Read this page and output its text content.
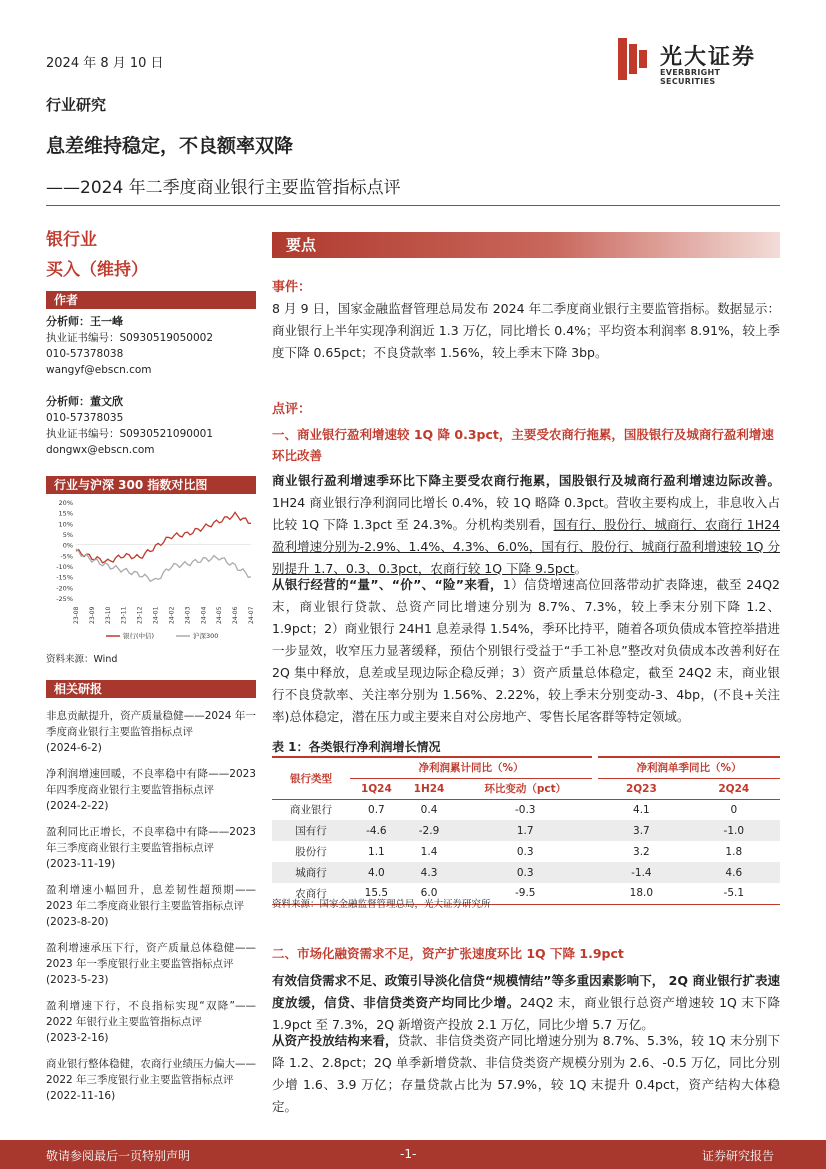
2024 年 8 月 10 日	光大证券
EVERBRIGHT SECURITIES
行业研究
息差维持稳定，不良额率双降
——2024 年二季度商业银行主要监管指标点评
银行业
买入（维持）
作者
分析师：王一峰
执业证书编号：S0930519050002
010-57378038
wangyf@ebscn.com
分析师：董文欣
010-57378035
执业证书编号：S0930521090001
dongwx@ebscn.com
行业与沪深 300 指数对比图
20%
15%
10%
5%
0%
-5%
-10%
-15%
-20%
-25%
23-08 23-09 23-10 23-11 23-12 24-01 24-02 24-03 24-04 24-05 24-06 24-07
银行(中信)	沪深300
资料来源：Wind
相关研报
非息贡献提升，资产质量稳健——2024 年一季度商业银行主要监管指标点评
(2024-6-2)
净利润增速回暖，不良率稳中有降——2023 年四季度商业银行主要监管指标点评
(2024-2-22)
盈利同比正增长，不良率稳中有降——2023 年三季度商业银行主要监管指标点评
(2023-11-19)
盈利增速小幅回升，息差韧性超预期——2023 年二季度商业银行主要监管指标点评
(2023-8-20)
盈利增速承压下行，资产质量总体稳健——2023 年一季度银行业主要监管指标点评
(2023-5-23)
盈利增速下行，不良指标实现“双降”——2022 年银行业主要监管指标点评
(2023-2-16)
商业银行整体稳健，农商行业绩压力偏大——2022 年三季度银行业主要监管指标点评
(2022-11-16)
要点
事件：
8 月 9 日，国家金融监督管理总局发布 2024 年二季度商业银行主要监管指标。数据显示：商业银行上半年实现净利润近 1.3 万亿，同比增长 0.4%；平均资本利润率 8.91%，较上季度下降 0.65pct；不良贷款率 1.56%，较上季末下降 3bp。
点评：
一、商业银行盈利增速较 1Q 降 0.3pct，主要受农商行拖累，国股银行及城商行盈利增速环比改善
商业银行盈利增速季环比下降主要受农商行拖累，国股银行及城商行盈利增速边际改善。1H24 商业银行净利润同比增长 0.4%，较 1Q 略降 0.3pct。营收主要构成上，非息收入占比较 1Q 下降 1.3pct 至 24.3%。分机构类别看，国有行、股份行、城商行、农商行 1H24 盈利增速分别为-2.9%、1.4%、4.3%、6.0%，国有行、股份行、城商行盈利增速较 1Q 分别提升 1.7、0.3、0.3pct，农商行较 1Q 下降 9.5pct。
从银行经营的“量”、“价”、“险”来看，1）信贷增速高位回落带动扩表降速，截至 24Q2 末，商业银行贷款、总资产同比增速分别为 8.7%、7.3%，较上季末分别下降 1.2、1.9pct；2）商业银行 24H1 息差录得 1.54%，季环比持平，随着各项负债成本管控举措进一步显效，收窄压力显著缓释，预估个别银行受益于“手工补息”整改对负债成本改善利好在 2Q 集中释放，息差或呈现边际企稳反弹；3）资产质量总体稳定，截至 24Q2 末，商业银行不良贷款率、关注率分别为 1.56%、2.22%，较上季末分别变动-3、4bp，(不良+关注率)总体稳定，潜在压力或主要来自对公房地产、零售长尾客群等特定领域。
表 1：各类银行净利润增长情况
银行类型	净利润累计同比（%）			净利润单季同比（%）	
	1Q24	1H24	环比变动（pct）	2Q23	2Q24
商业银行	0.7	0.4	-0.3	4.1	0
国有行	-4.6	-2.9	1.7	3.7	-1.0
股份行	1.1	1.4	0.3	3.2	1.8
城商行	4.0	4.3	0.3	-1.4	4.6
农商行	15.5	6.0	-9.5	18.0	-5.1
资料来源：国家金融监督管理总局，光大证券研究所
二、市场化融资需求不足，资产扩张速度环比 1Q 下降 1.9pct
有效信贷需求不足、政策引导淡化信贷“规模情结”等多重因素影响下， 2Q 商业银行扩表速度放缓，信贷、非信贷类资产均同比少增。24Q2 末，商业银行总资产增速较 1Q 末下降 1.9pct 至 7.3%，2Q 新增资产投放 2.1 万亿，同比少增 5.7 万亿。
从资产投放结构来看，贷款、非信贷类资产同比增速分别为 8.7%、5.3%，较 1Q 末分别下降 1.2、2.8pct；2Q 单季新增贷款、非信贷类资产规模分别为 2.6、-0.5 万亿，同比分别少增 1.6、3.9 万亿；存量贷款占比为 57.9%，较 1Q 末提升 0.4pct，资产结构大体稳定。
敬请参阅最后一页特别声明	-1-	证券研究报告
